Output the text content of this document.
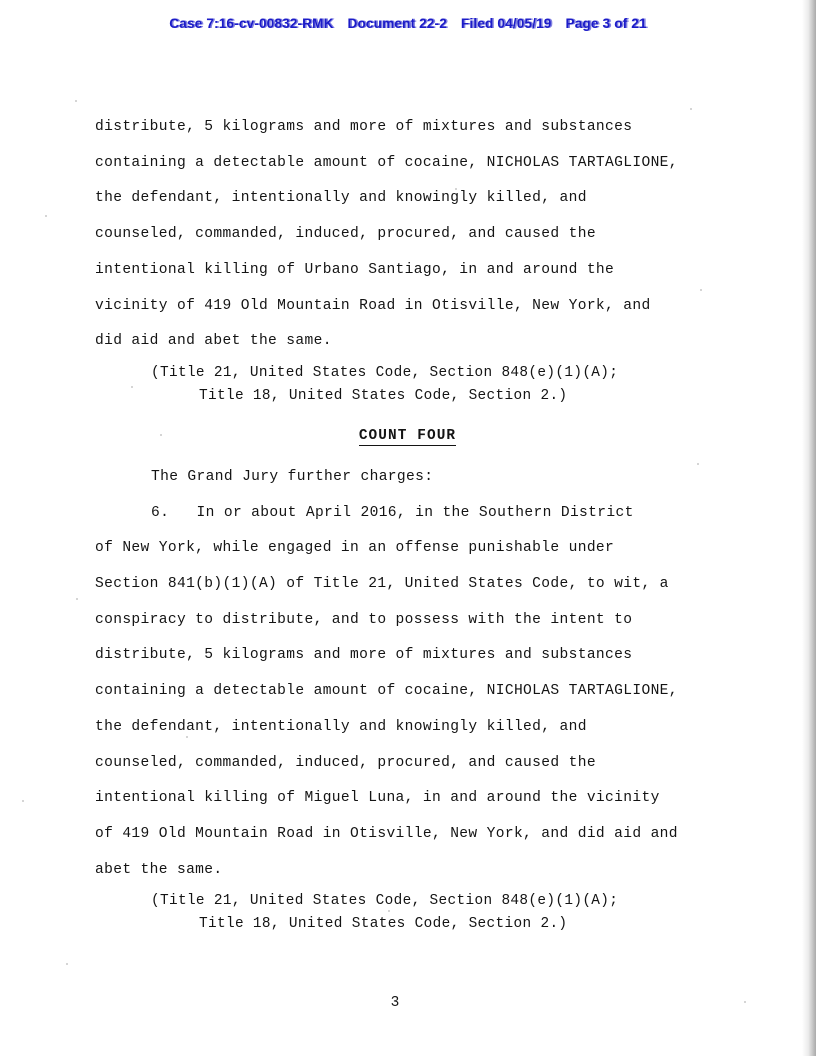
Case 7:16-cv-00832-RMK Case 7:16-cv-00832-RMK Document 22-2 Document 22-2 Filed 04/05/19 Filed 04/05/19 Page 3 of 21 Page 3 of 21
distribute, 5 kilograms and more of mixtures and substances
containing a detectable amount of cocaine, NICHOLAS TARTAGLIONE,
the defendant, intentionally and knowingly killed, and
counseled, commanded, induced, procured, and caused the
intentional killing of Urbano Santiago, in and around the
vicinity of 419 Old Mountain Road in Otisville, New York, and
did aid and abet the same.
(Title 21, United States Code, Section 848(e)(1)(A);
Title 18, United States Code, Section 2.)
COUNT FOUR
The Grand Jury further charges:
6.   In or about April 2016, in the Southern District
of New York, while engaged in an offense punishable under
Section 841(b)(1)(A) of Title 21, United States Code, to wit, a
conspiracy to distribute, and to possess with the intent to
distribute, 5 kilograms and more of mixtures and substances
containing a detectable amount of cocaine, NICHOLAS TARTAGLIONE,
the defendant, intentionally and knowingly killed, and
counseled, commanded, induced, procured, and caused the
intentional killing of Miguel Luna, in and around the vicinity
of 419 Old Mountain Road in Otisville, New York, and did aid and
abet the same.
(Title 21, United States Code, Section 848(e)(1)(A);
Title 18, United States Code, Section 2.)
3
